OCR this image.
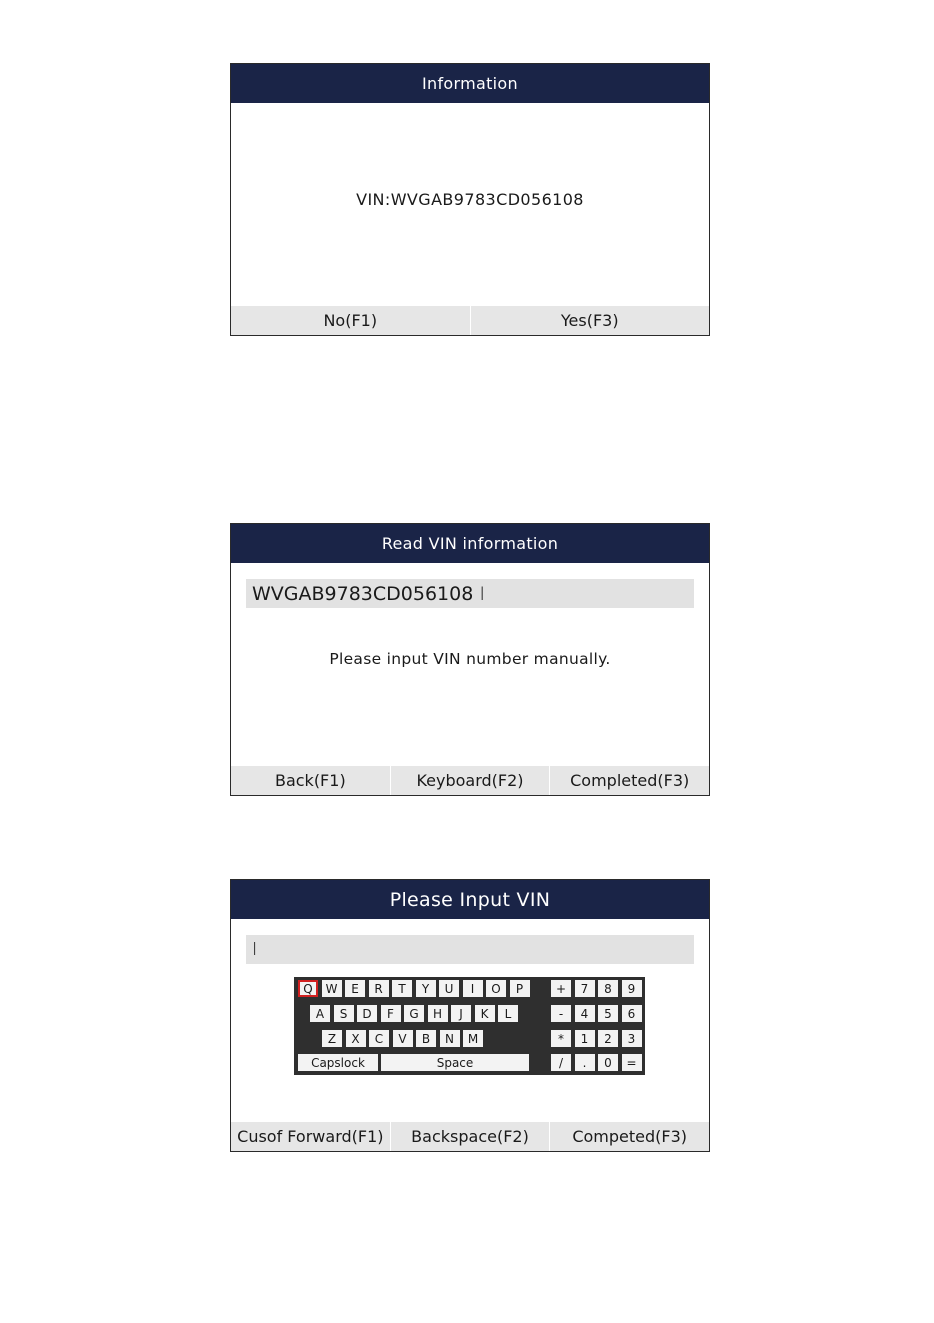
Information
VIN:WVGAB9783CD056108
No(F1)	Yes(F3)
Read VIN information
WVGAB9783CD056108 I
Please input VIN number manually.
Back(F1)	Keyboard(F2)	Completed(F3)
Please Input VIN
I
Q	W	E	R	T	Y	U	I	O	P
A	S	D	F	G	H	J	K	L
Z	X	C	V	B	N	M
Capslock	Space
+	7	8	9
-	4	5	6
*	1	2	3
/	.	0	=
Cusof Forward(F1)	Backspace(F2)	Competed(F3)
